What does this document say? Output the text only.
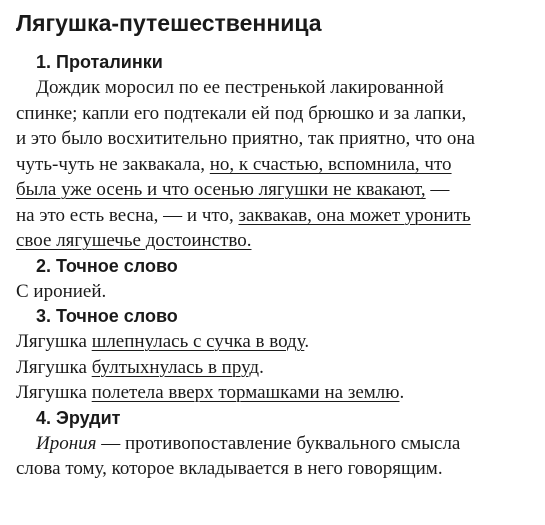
Лягушка-путешественница
1. Проталинки
Дождик моросил по ее пестренькой лакированной
спинке; капли его подтекали ей под брюшко и за лапки,
и это было восхитительно приятно, так приятно, что она
чуть-чуть не заквакала, но, к счастью, вспомнила, что
была уже осень и что осенью лягушки не квакают, —
на это есть весна, — и что, заквакав, она может уронить
свое лягушечье достоинство.
2. Точное слово
С иронией.
3. Точное слово
Лягушка шлепнулась с сучка в воду.
Лягушка бултыхнулась в пруд.
Лягушка полетела вверх тормашками на землю.
4. Эрудит
Ирония — противопоставление буквального смысла
слова тому, которое вкладывается в него говорящим.
